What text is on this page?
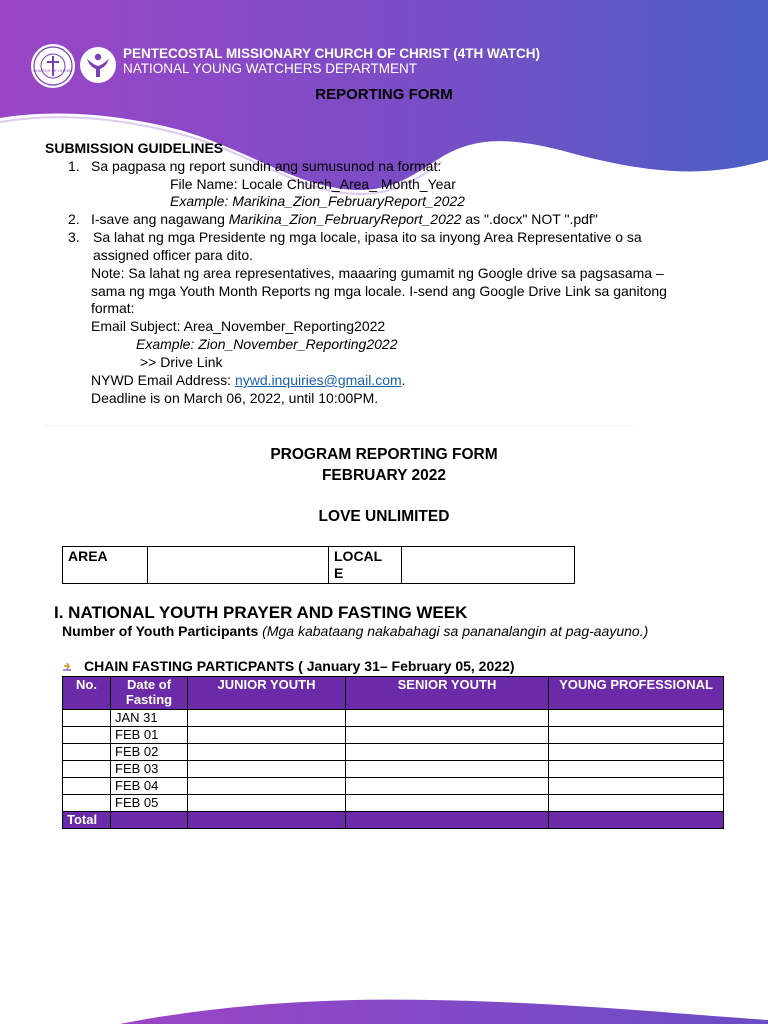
CHURCH OF CHRIST
PENTECOSTAL MISSIONARY CHURCH OF CHRIST (4TH WATCH)
NATIONAL YOUNG WATCHERS DEPARTMENT
REPORTING FORM
SUBMISSION GUIDELINES
1. Sa pagpasa ng report sundin ang sumusunod na format:
File Name: Locale Church_Area_ Month_Year
Example: Marikina_Zion_FebruaryReport_2022
2. I-save ang nagawang Marikina_Zion_FebruaryReport_2022 as ".docx" NOT ".pdf"
3. Sa lahat ng mga Presidente ng mga locale, ipasa ito sa inyong Area Representative o sa
assigned officer para dito.
Note: Sa lahat ng area representatives, maaaring gumamit ng Google drive sa pagsasama –
sama ng mga Youth Month Reports ng mga locale. I-send ang Google Drive Link sa ganitong
format:
Email Subject: Area_November_Reporting2022
Example: Zion_November_Reporting2022
>> Drive Link
NYWD Email Address: nywd.inquiries@gmail.com.
Deadline is on March 06, 2022, until 10:00PM.
PROGRAM REPORTING FORM
FEBRUARY 2022
LOVE UNLIMITED
AREA		LOCAL
E	
I. NATIONAL YOUTH PRAYER AND FASTING WEEK
Number of Youth Participants (Mga kabataang nakabahagi sa pananalangin at pag-aayuno.)
CHAIN FASTING PARTICPANTS ( January 31– February 05, 2022)
No.	Date of Fasting	JUNIOR YOUTH	SENIOR YOUTH	YOUNG PROFESSIONAL
	JAN 31			
	FEB 01			
	FEB 02			
	FEB 03			
	FEB 04			
	FEB 05			
Total				
